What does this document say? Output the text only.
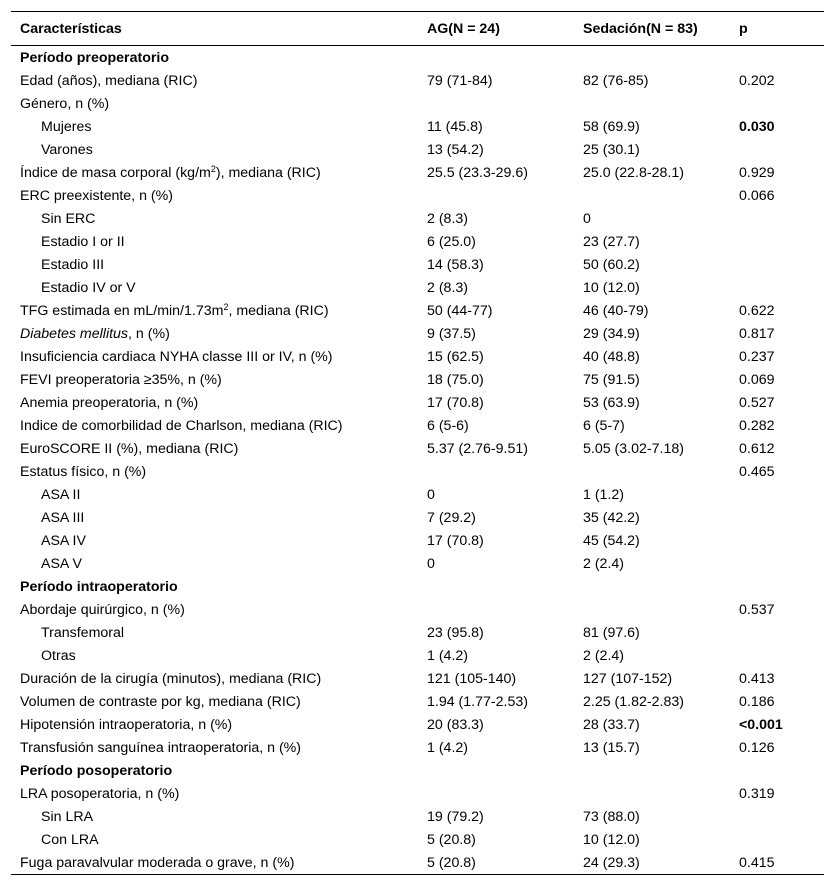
Características	AG(N = 24)	Sedación(N = 83)	p
Período preoperatorio			
Edad (años), mediana (RIC)	79 (71-84)	82 (76-85)	0.202
Género, n (%)			
Mujeres	11 (45.8)	58 (69.9)	0.030
Varones	13 (54.2)	25 (30.1)	
Índice de masa corporal $(kg/m^2)$, mediana (RIC)	25.5 (23.3-29.6)	25.0 (22.8-28.1)	0.929
ERC preexistente, n (%)			0.066
Sin ERC	2 (8.3)	0	
Estadio I or II	6 (25.0)	23 (27.7)	
Estadio III	14 (58.3)	50 (60.2)	
Estadio IV or V	2 (8.3)	10 (12.0)	
TFG estimada en $mL/\min/1.73m^2$, mediana (RIC)	50 (44-77)	46 (40-79)	0.622
Diabetes mellitus, n (%)	9 (37.5)	29 (34.9)	0.817
Insuficiencia cardiaca NYHA classe III or IV, n (%)	15 (62.5)	40 (48.8)	0.237
FEVI preoperatoria ≥35%, n (%)	18 (75.0)	75 (91.5)	0.069
Anemia preoperatoria, n (%)	17 (70.8)	53 (63.9)	0.527
Indice de comorbilidad de Charlson, mediana (RIC)	6 (5-6)	6 (5-7)	0.282
EuroSCORE II (%), mediana (RIC)	5.37 (2.76-9.51)	5.05 (3.02-7.18)	0.612
Estatus físico, n (%)			0.465
ASA II	0	1 (1.2)	
ASA III	7 (29.2)	35 (42.2)	
ASA IV	17 (70.8)	45 (54.2)	
ASA V	0	2 (2.4)	
Período intraoperatorio			
Abordaje quirúrgico, n (%)			0.537
Transfemoral	23 (95.8)	81 (97.6)	
Otras	1 (4.2)	2 (2.4)	
Duración de la cirugía (minutos), mediana (RIC)	121 (105-140)	127 (107-152)	0.413
Volumen de contraste por kg, mediana (RIC)	1.94 (1.77-2.53)	2.25 (1.82-2.83)	0.186
Hipotensión intraoperatoria, n (%)	20 (83.3)	28 (33.7)	<0.001
Transfusión sanguínea intraoperatoria, n (%)	1 (4.2)	13 (15.7)	0.126
Período posoperatorio			
LRA posoperatoria, n (%)			0.319
Sin LRA	19 (79.2)	73 (88.0)	
Con LRA	5 (20.8)	10 (12.0)	
Fuga paravalvular moderada o grave, n (%)	5 (20.8)	24 (29.3)	0.415
